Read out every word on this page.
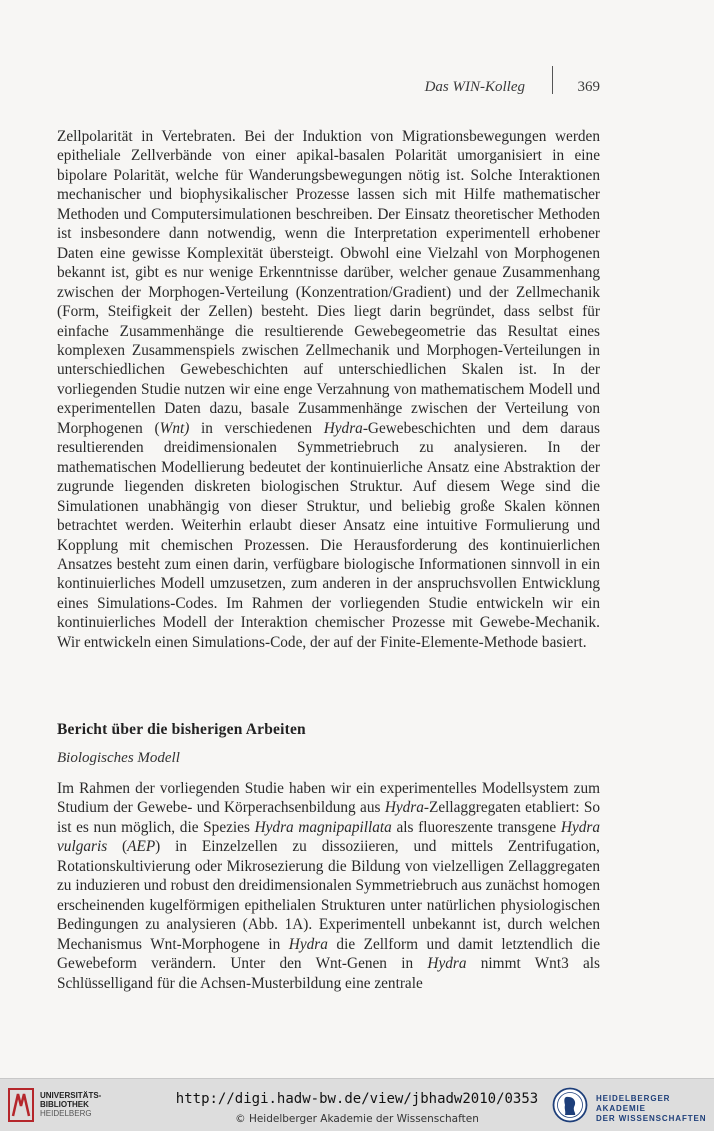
Das WIN-Kolleg	369

Zellpolarität in Vertebraten. Bei der Induktion von Migrationsbewegungen werden epitheliale Zellverbände von einer apikal-basalen Polarität umorganisiert in eine bipolare Polarität, welche für Wanderungsbewegungen nötig ist. Solche Interaktionen mechanischer und biophysikalischer Prozesse lassen sich mit Hilfe mathematischer Methoden und Computersimulationen beschreiben. Der Einsatz theoretischer Methoden ist insbesondere dann notwendig, wenn die Interpretation experimentell erhobener Daten eine gewisse Komplexität übersteigt. Obwohl eine Vielzahl von Morphogenen bekannt ist, gibt es nur wenige Erkenntnisse darüber, welcher genaue Zusammenhang zwischen der Morphogen-Verteilung (Konzentration/Gradient) und der Zellmechanik (Form, Steifigkeit der Zellen) besteht. Dies liegt darin begründet, dass selbst für einfache Zusammenhänge die resultierende Gewebegeometrie das Resultat eines komplexen Zusammenspiels zwischen Zellmechanik und Morphogen-Verteilungen in unterschiedlichen Gewebeschichten auf unterschiedlichen Skalen ist. In der vorliegenden Studie nutzen wir eine enge Verzahnung von mathematischem Modell und experimentellen Daten dazu, basale Zusammenhänge zwischen der Verteilung von Morphogenen (Wnt) in verschiedenen Hydra-Gewebeschichten und dem daraus resultierenden dreidimensionalen Symmetriebruch zu analysieren. In der mathematischen Modellierung bedeutet der kontinuierliche Ansatz eine Abstraktion der zugrunde liegenden diskreten biologischen Struktur. Auf diesem Wege sind die Simulationen unabhängig von dieser Struktur, und beliebig große Skalen können betrachtet werden. Weiterhin erlaubt dieser Ansatz eine intuitive Formulierung und Kopplung mit chemischen Prozessen. Die Herausforderung des kontinuierlichen Ansatzes besteht zum einen darin, verfügbare biologische Informationen sinnvoll in ein kontinuierliches Modell umzusetzen, zum anderen in der anspruchsvollen Entwicklung eines Simulations-Codes. Im Rahmen der vorliegenden Studie entwickeln wir ein kontinuierliches Modell der Interaktion chemischer Prozesse mit Gewebe-Mechanik. Wir entwickeln einen Simulations-Code, der auf der Finite-Elemente-Methode basiert.

Bericht über die bisherigen Arbeiten
Biologisches Modell

Im Rahmen der vorliegenden Studie haben wir ein experimentelles Modellsystem zum Studium der Gewebe- und Körperachsenbildung aus Hydra-Zellaggregaten etabliert: So ist es nun möglich, die Spezies Hydra magnipapillata als fluoreszente transgene Hydra vulgaris (AEP) in Einzelzellen zu dissoziieren, und mittels Zentrifugation, Rotationskultivierung oder Mikrosezierung die Bildung von vielzelligen Zellaggregaten zu induzieren und robust den dreidimensionalen Symmetriebruch aus zunächst homogen erscheinenden kugelförmigen epithelialen Strukturen unter natürlichen physiologischen Bedingungen zu analysieren (Abb. 1A). Experimentell unbekannt ist, durch welchen Mechanismus Wnt-Morphogene in Hydra die Zellform und damit letztendlich die Gewebeform verändern. Unter den Wnt-Genen in Hydra nimmt Wnt3 als Schlüsselligand für die Achsen-Musterbildung eine zentrale

UNIVERSITÄTS-
BIBLIOTHEK
HEIDELBERG
http://digi.hadw-bw.de/view/jbhadw2010/0353
© Heidelberger Akademie der Wissenschaften
HEIDELBERGER AKADEMIE
DER WISSENSCHAFTEN
